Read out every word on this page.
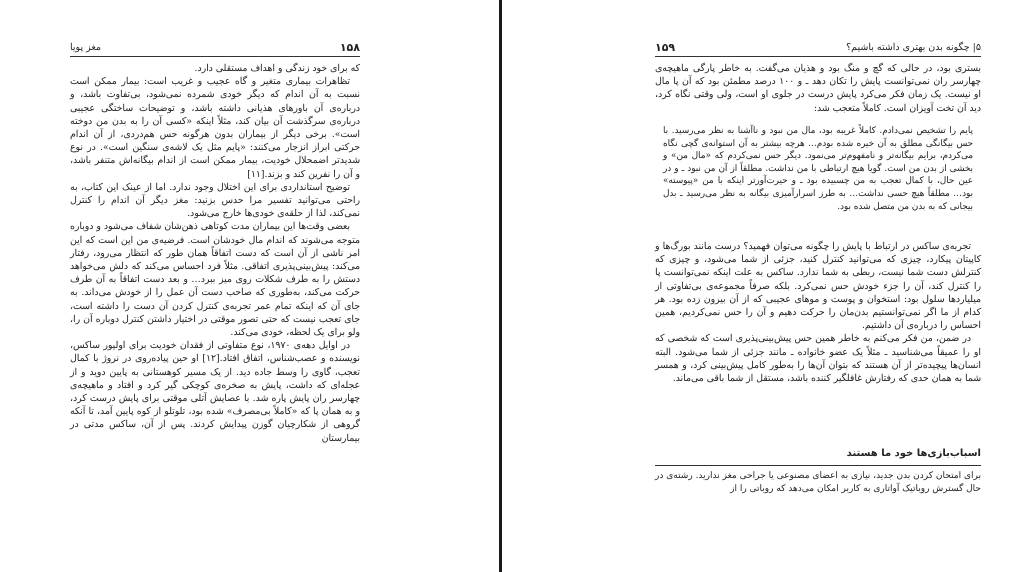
۱۵۸
مغز پویا

که برای خود زندگی و اهداف مستقلی دارد.

تظاهرات بیماری متغیر و گاه عجیب و غریب است: بیمار ممکن است نسبت به آن اندام که دیگر خودی شمرده نمی‌شود، بی‌تفاوت باشد، و درباره‌ی آن باورهای هذیانی داشته باشد، و توضیحات ساختگی عجیبی درباره‌ی سرگذشت آن بیان کند، مثلاً اینکه «کسی آن را به بدن من دوخته است». برخی دیگر از بیماران بدون هرگونه حس هم‌دردی، از آن اندام حرکتی ابراز انزجار می‌کنند: «پایم مثل یک لاشه‌ی سنگین است». در نوع شدیدتر اضمحلال خودیت، بیمار ممکن است از اندام بیگانه‌اش متنفر باشد، و آن را نفرین کند و بزند.[۱۱]

توضیح استانداردی برای این اختلال وجود ندارد. اما از عینک این کتاب، به راحتی می‌توانید تفسیر مرا حدس بزنید: مغز دیگر آن اندام را کنترل نمی‌کند، لذا از حلقه‌ی خودی‌ها خارج می‌شود.

بعضی وقت‌ها این بیماران مدت کوتاهی ذهن‌شان شفاف می‌شود و دوباره متوجه می‌شوند که اندام مال خودشان است. فرضیه‌ی من این است که این امر ناشی از آن است که دست اتفاقاً همان طور که انتظار می‌رود، رفتار می‌کند: پیش‌بینی‌پذیری اتفاقی. مثلاً فرد احساس می‌کند که دلش می‌خواهد دستش را به طرف شکلات روی میز ببرد… و بعد دست اتفاقاً به آن طرف حرکت می‌کند، به‌طوری که صاحب دست آن عمل را از خودش می‌داند. به جای آن که اینکه تمام عمر تجربه‌ی کنترل کردن آن دست را داشته است، جای تعجب نیست که حتی تصور موقتی در اختیار داشتن کنترل دوباره آن را، ولو برای یک لحظه، خودی می‌کند.

در اوایل دهه‌ی ۱۹۷۰، نوع متفاوتی از فقدان خودیت برای اولیور ساکس، نویسنده و عصب‌شناس، اتفاق افتاد.[۱۲] او حین پیاده‌روی در نروژ با کمال تعجب، گاوی را وسط جاده دید. از یک مسیر کوهستانی به پایین دوید و از عجله‌ای که داشت، پایش به صخره‌ی کوچکی گیر کرد و افتاد و ماهیچه‌ی چهارسر ران پایش پاره شد. با عصایش آتلی موقتی برای پایش درست کرد، و به همان پا که «کاملاً بی‌مصرف» شده بود، تلوتلو از کوه پایین آمد، تا آنکه گروهی از شکارچیان گوزن پیدایش کردند. پس از آن، ساکس مدتی در بیمارستان

۵| چگونه بدن بهتری داشته باشیم؟
۱۵۹

بستری بود، در حالی که گچ و منگ بود و هذیان می‌گفت. به خاطر پارگی ماهیچه‌ی چهارسر ران نمی‌توانست پایش را تکان دهد ـ و ۱۰۰ درصد مطمئن بود که آن پا مال او نیست. یک زمان فکر می‌کرد پایش درست در جلوی او است، ولی وقتی نگاه کرد، دید آن تخت آویزان است. کاملاً متعجب شد:

پایم را تشخیص نمی‌دادم. کاملاً غریبه بود، مال من نبود و ناآشنا به نظر می‌رسید. با حس بیگانگی مطلق به آن خیره شده بودم… هرچه بیشتر به آن استوانه‌ی گچی نگاه می‌کردم، برایم بیگانه‌تر و نامفهوم‌تر می‌نمود. دیگر حس نمی‌کردم که «مال من» و بخشی از بدن من است. گویا هیچ ارتباطی با من نداشت. مطلقاً از آن من نبود ـ و در عین حال، با کمال تعجب به من چسبیده بود ـ و حیرت‌آورتر اینکه با من «پیوسته» بود… مطلقاً هیچ حسی نداشت… به طرز اسرارآمیزی بیگانه به نظر می‌رسید ـ بدل بیجانی که به بدن من متصل شده بود.

تجربه‌ی ساکس در ارتباط با پایش را چگونه می‌توان فهمید؟ درست مانند بورگ‌ها و کاپیتان پیکارد، چیزی که می‌توانید کنترل کنید، جزئی از شما می‌شود، و چیزی که کنترلش دست شما نیست، ربطی به شما ندارد. ساکس به علت اینکه نمی‌توانست پا را کنترل کند، آن را جزء خودش حس نمی‌کرد. بلکه صرفاً مجموعه‌ی بی‌تفاوتی از میلیاردها سلول بود: استخوان و پوست و موهای عجیبی که از آن بیرون زده بود. هر کدام از ما اگر نمی‌توانستیم بدن‌مان را حرکت دهیم و آن را حس نمی‌کردیم، همین احساس را درباره‌ی آن داشتیم.

در ضمن، من فکر می‌کنم به خاطر همین حس پیش‌بینی‌پذیری است که شخصی که او را عمیقاً می‌شناسید ـ مثلاً یک عضو خانواده ـ مانند جزئی از شما می‌شود. البته انسان‌ها پیچیده‌تر از آن هستند که بتوان آن‌ها را به‌طور کامل پیش‌بینی کرد، و همسر شما به همان حدی که رفتارش غافلگیر کننده باشد، مستقل از شما باقی می‌ماند.

اسباب‌بازی‌ها خود ما هستند

برای امتحان کردن بدن جدید، نیازی به اعضای مصنوعی یا جراحی مغز ندارید. رشته‌ی در حال گسترش روباتیک آواتاری به کاربر امکان می‌دهد که روباتی را از
